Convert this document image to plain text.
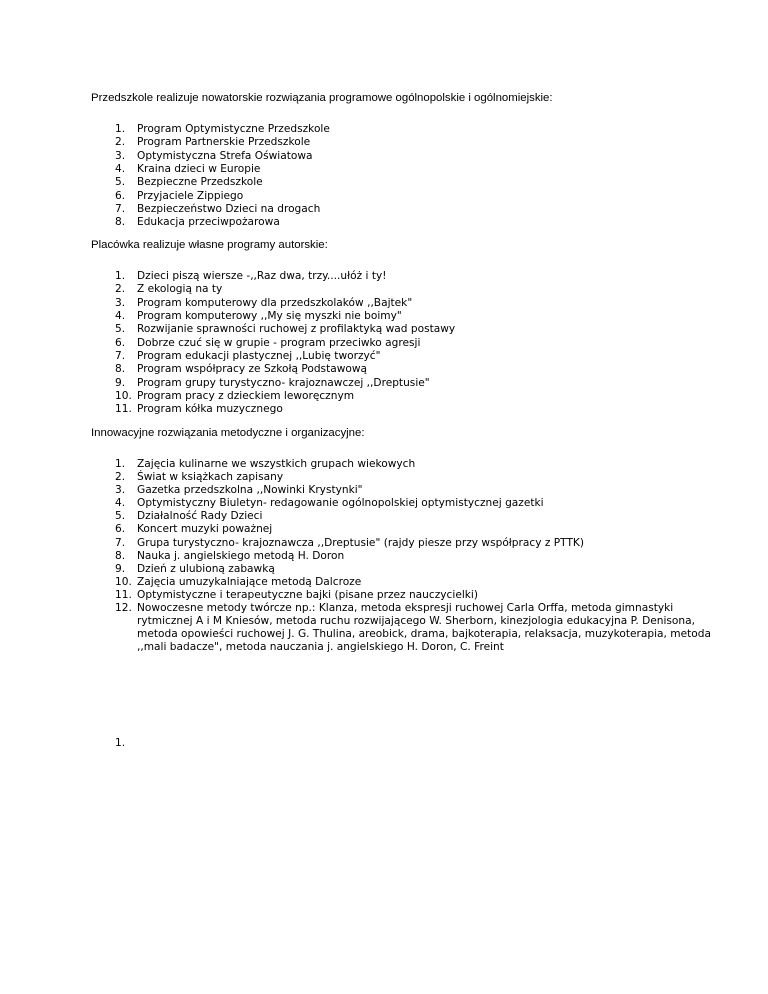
Przedszkole realizuje nowatorskie rozwiązania programowe ogólnopolskie i ogólnomiejskie:
1. Program Optymistyczne Przedszkole
2. Program Partnerskie Przedszkole
3. Optymistyczna Strefa Oświatowa
4. Kraina dzieci w Europie
5. Bezpieczne Przedszkole
6. Przyjaciele Zippiego
7. Bezpieczeństwo Dzieci na drogach
8. Edukacja przeciwpożarowa
Placówka realizuje własne programy autorskie:
1. Dzieci piszą wiersze -,,Raz dwa, trzy....ułóż i ty!
2. Z ekologią na ty
3. Program komputerowy dla przedszkolaków ,,Bajtek"
4. Program komputerowy ,,My się myszki nie boimy"
5. Rozwijanie sprawności ruchowej z profilaktyką wad postawy
6. Dobrze czuć się w grupie - program przeciwko agresji
7. Program edukacji plastycznej ,,Lubię tworzyć"
8. Program współpracy ze Szkołą Podstawową
9. Program grupy turystyczno- krajoznawczej ,,Dreptusie"
10. Program pracy z dzieckiem leworęcznym
11. Program kółka muzycznego
Innowacyjne rozwiązania metodyczne i organizacyjne:
1. Zajęcia kulinarne we wszystkich grupach wiekowych
2. Świat w książkach zapisany
3. Gazetka przedszkolna ,,Nowinki Krystynki"
4. Optymistyczny Biuletyn- redagowanie ogólnopolskiej optymistycznej gazetki
5. Działalność Rady Dzieci
6. Koncert muzyki poważnej
7. Grupa turystyczno- krajoznawcza ,,Dreptusie" (rajdy piesze przy współpracy z PTTK)
8. Nauka j. angielskiego metodą H. Doron
9. Dzień z ulubioną zabawką
10. Zajęcia umuzykalniające metodą Dalcroze
11. Optymistyczne i terapeutyczne bajki (pisane przez nauczycielki)
12. Nowoczesne metody twórcze np.: Klanza, metoda ekspresji ruchowej Carla Orffa, metoda gimnastyki rytmicznej A i M Kniesów, metoda ruchu rozwijającego W. Sherborn, kinezjologia edukacyjna P. Denisona, metoda opowieści ruchowej J. G. Thulina, areobick, drama, bajkoterapia, relaksacja, muzykoterapia, metoda ,,mali badacze", metoda nauczania j. angielskiego H. Doron, C. Freint
1.
